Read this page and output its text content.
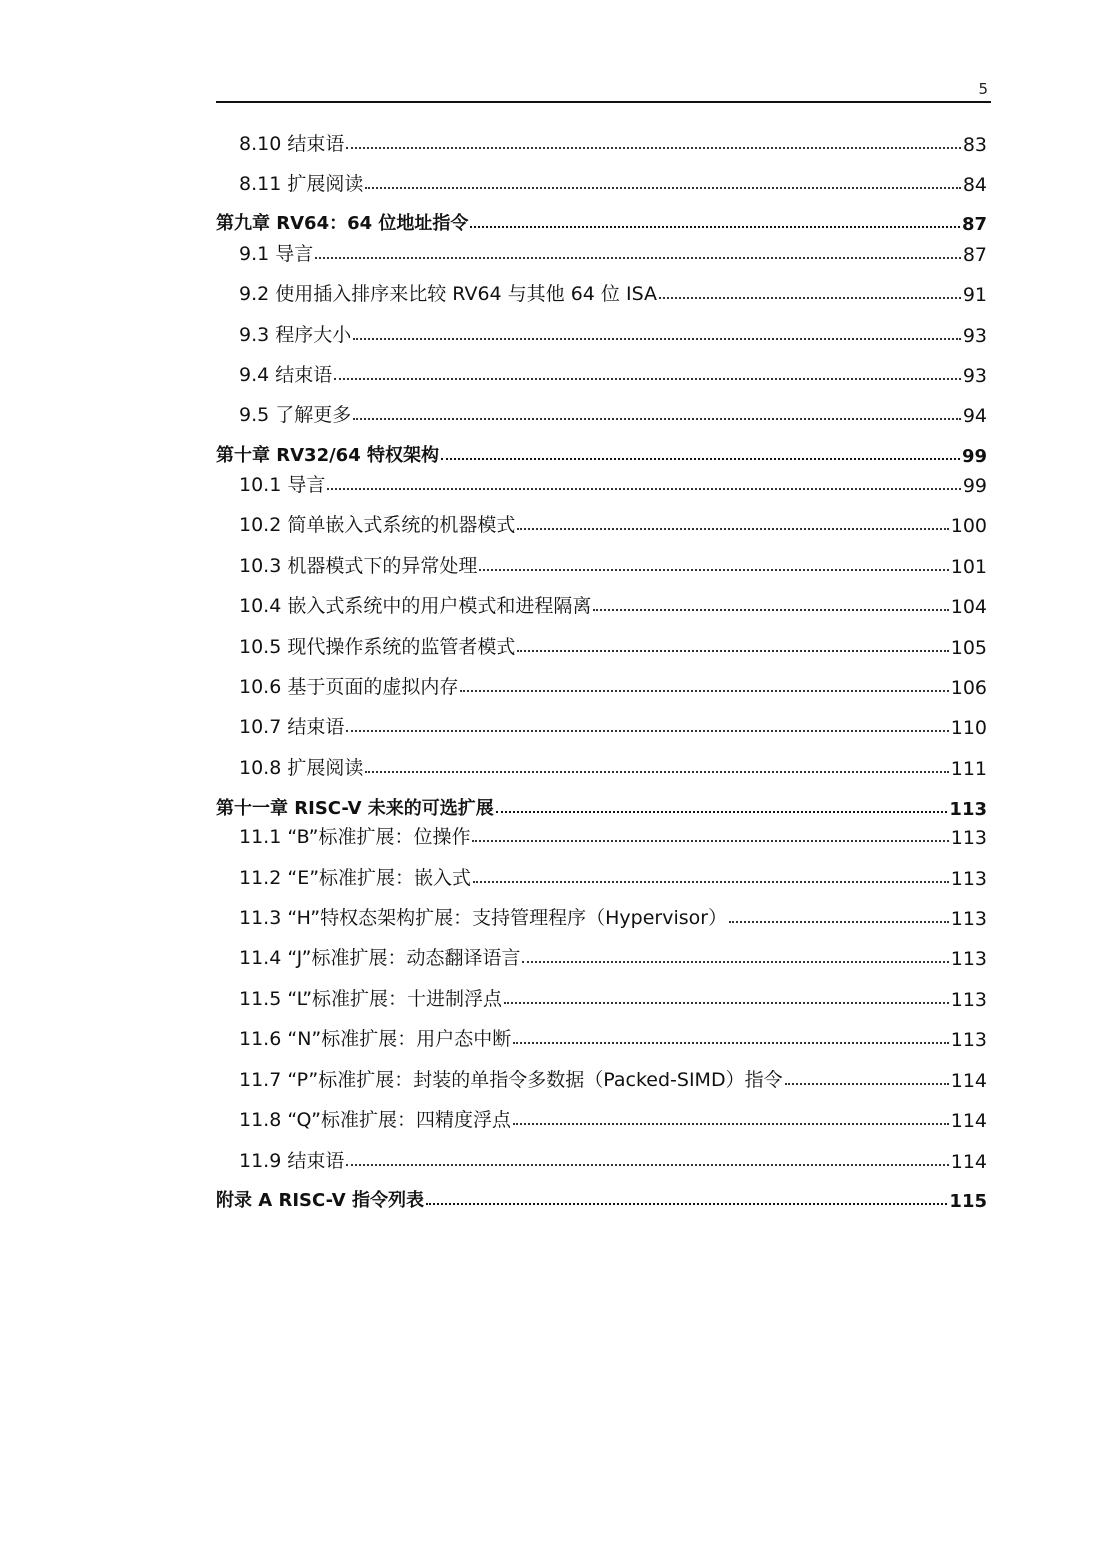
5
8.10 结束语	83
8.11 扩展阅读	84
第九章 RV64：64 位地址指令	87
9.1 导言	87
9.2 使用插入排序来比较 RV64 与其他 64 位 ISA	91
9.3 程序大小	93
9.4 结束语	93
9.5 了解更多	94
第十章 RV32/64 特权架构	99
10.1 导言	99
10.2 简单嵌入式系统的机器模式	100
10.3 机器模式下的异常处理	101
10.4 嵌入式系统中的用户模式和进程隔离	104
10.5 现代操作系统的监管者模式	105
10.6 基于页面的虚拟内存	106
10.7 结束语	110
10.8 扩展阅读	111
第十一章 RISC-V 未来的可选扩展	113
11.1 “B”标准扩展：位操作	113
11.2 “E”标准扩展：嵌入式	113
11.3 “H”特权态架构扩展：支持管理程序（Hypervisor）	113
11.4 “J”标准扩展：动态翻译语言	113
11.5 “L”标准扩展：十进制浮点	113
11.6 “N”标准扩展：用户态中断	113
11.7 “P”标准扩展：封装的单指令多数据（Packed-SIMD）指令	114
11.8 “Q”标准扩展：四精度浮点	114
11.9 结束语	114
附录 A RISC-V 指令列表	115
